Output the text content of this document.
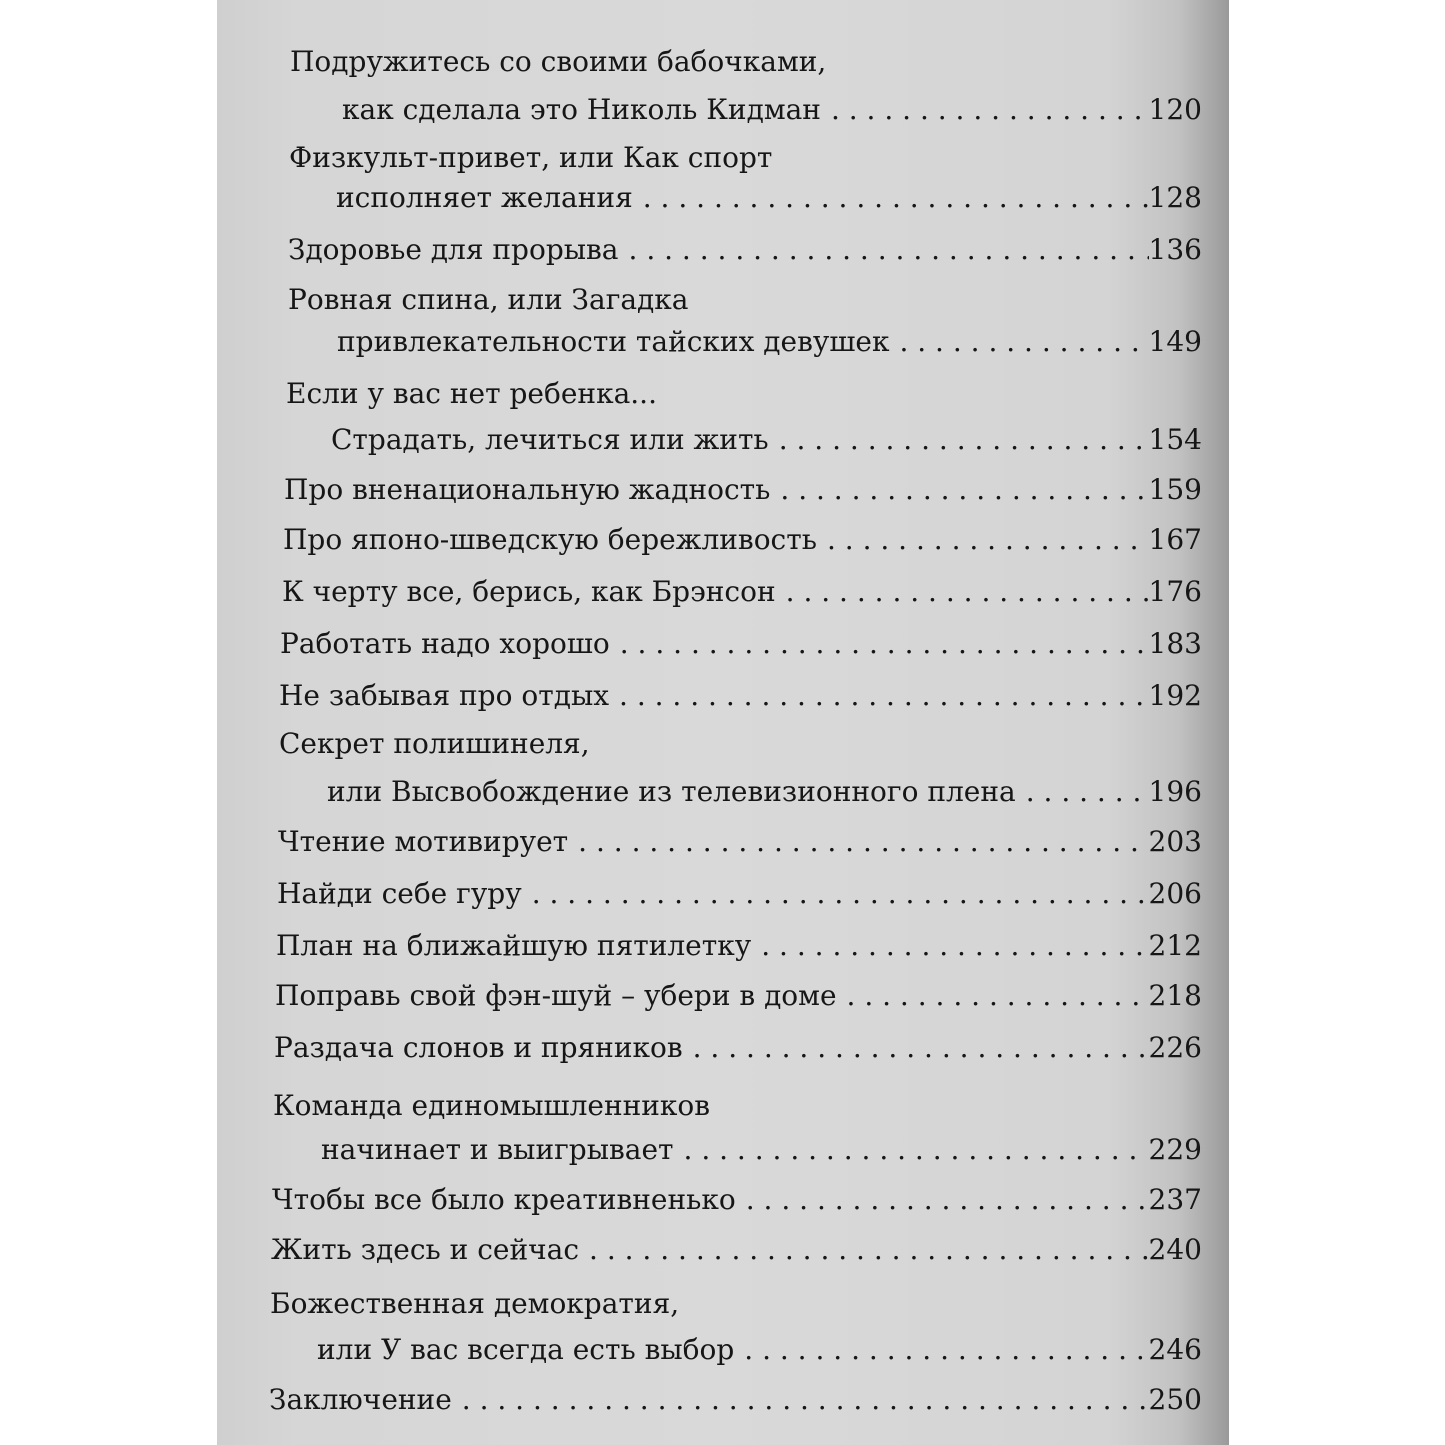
Подружитесь со своими бабочками,
как сделала это Николь Кидман . . .	120
Физкульт-привет, или Как спорт
исполняет желания . . .	128
Здоровье для прорыва . . .	136
Ровная спина, или Загадка
привлекательности тайских девушек . . .	149
Если у вас нет ребенка...
Страдать, лечиться или жить . . .	154
Про вненациональную жадность . . .	159
Про японо-шведскую бережливость . . .	167
К черту все, берись, как Брэнсон . . .	176
Работать надо хорошо . . .	183
Не забывая про отдых . . .	192
Секрет полишинеля,
или Высвобождение из телевизионного плена . . .	196
Чтение мотивирует . . .	203
Найди себе гуру . . .	206
План на ближайшую пятилетку . . .	212
Поправь свой фэн-шуй – убери в доме . . .	218
Раздача слонов и пряников . . .	226
Команда единомышленников
начинает и выигрывает . . .	229
Чтобы все было креативненько . . .	237
Жить здесь и сейчас . . .	240
Божественная демократия,
или У вас всегда есть выбор . . .	246
Заключение . . .	250
